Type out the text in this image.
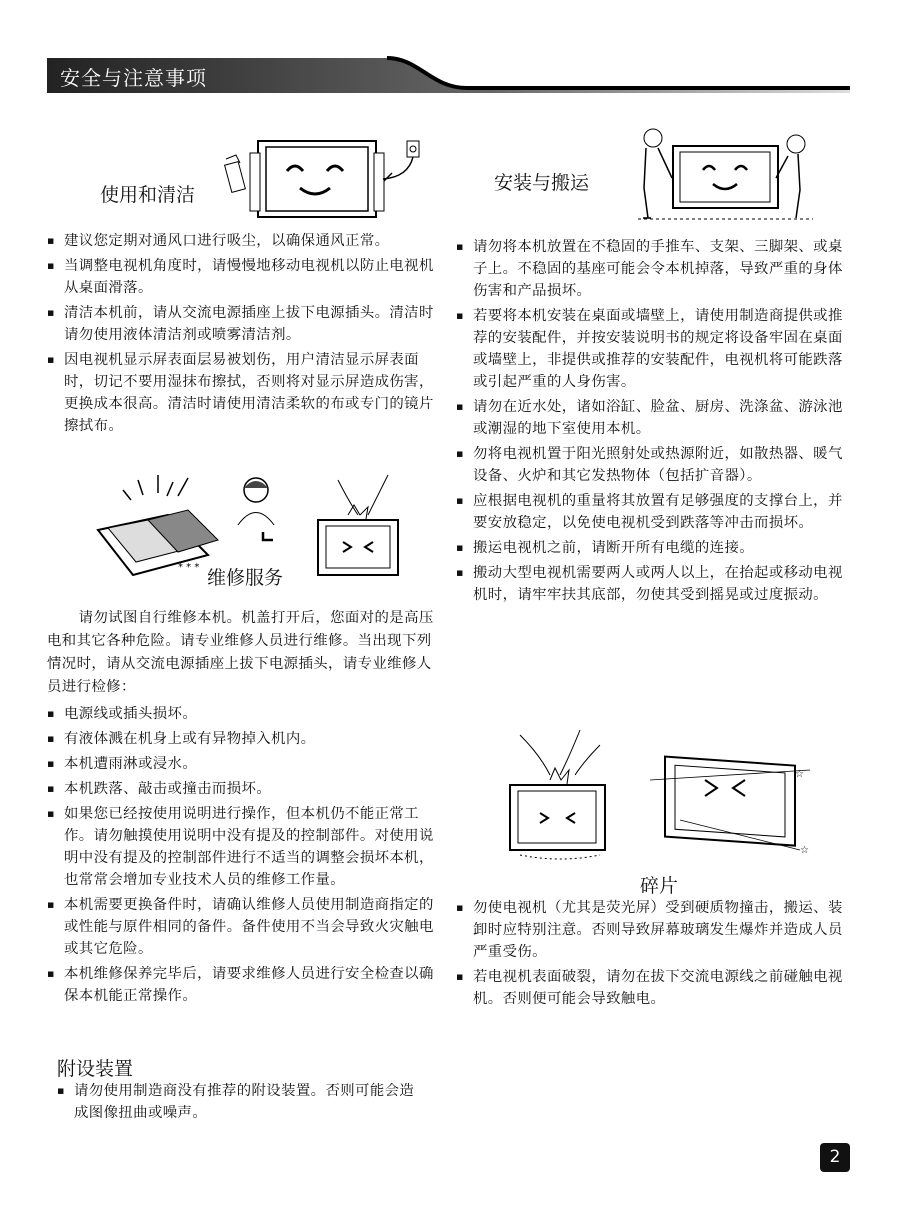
安全与注意事项
使用和清洁
▪ 建议您定期对通风口进行吸尘，以确保通风正常。
▪ 当调整电视机角度时，请慢慢地移动电视机以防止电视机从桌面滑落。
▪ 清洁本机前，请从交流电源插座上拔下电源插头。清洁时请勿使用液体清洁剂或喷雾清洁剂。
▪ 因电视机显示屏表面层易被划伤，用户清洁显示屏表面时，切记不要用湿抹布擦拭，否则将对显示屏造成伤害，更换成本很高。清洁时请使用清洁柔软的布或专门的镜片擦拭布。
* * * 维修服务
请勿试图自行维修本机。机盖打开后，您面对的是高压电和其它各种危险。请专业维修人员进行维修。当出现下列情况时，请从交流电源插座上拔下电源插头，请专业维修人员进行检修：
▪ 电源线或插头损坏。
▪ 有液体溅在机身上或有异物掉入机内。
▪ 本机遭雨淋或浸水。
▪ 本机跌落、敲击或撞击而损坏。
▪ 如果您已经按使用说明进行操作，但本机仍不能正常工作。请勿触摸使用说明中没有提及的控制部件。对使用说明中没有提及的控制部件进行不适当的调整会损坏本机，也常常会增加专业技术人员的维修工作量。
▪ 本机需要更换备件时，请确认维修人员使用制造商指定的或性能与原件相同的备件。备件使用不当会导致火灾触电或其它危险。
▪ 本机维修保养完毕后，请要求维修人员进行安全检查以确保本机能正常操作。
附设装置
▪ 请勿使用制造商没有推荐的附设装置。否则可能会造成图像扭曲或噪声。
安装与搬运
▪ 请勿将本机放置在不稳固的手推车、支架、三脚架、或桌子上。不稳固的基座可能会令本机掉落，导致严重的身体伤害和产品损坏。
▪ 若要将本机安装在桌面或墙壁上，请使用制造商提供或推荐的安装配件，并按安装说明书的规定将设备牢固在桌面或墙壁上，非提供或推荐的安装配件，电视机将可能跌落或引起严重的人身伤害。
▪ 请勿在近水处，诸如浴缸、脸盆、厨房、洗涤盆、游泳池或潮湿的地下室使用本机。
▪ 勿将电视机置于阳光照射处或热源附近，如散热器、暖气设备、火炉和其它发热物体（包括扩音器）。
▪ 应根据电视机的重量将其放置有足够强度的支撑台上，并要安放稳定，以免使电视机受到跌落等冲击而损坏。
▪ 搬运电视机之前，请断开所有电缆的连接。
▪ 搬动大型电视机需要两人或两人以上，在抬起或移动电视机时，请牢牢扶其底部，勿使其受到摇晃或过度振动。
☆
☆
碎片
▪ 勿使电视机（尤其是荧光屏）受到硬质物撞击，搬运、装卸时应特别注意。否则导致屏幕玻璃发生爆炸并造成人员严重受伤。
▪ 若电视机表面破裂，请勿在拔下交流电源线之前碰触电视机。否则便可能会导致触电。
2
